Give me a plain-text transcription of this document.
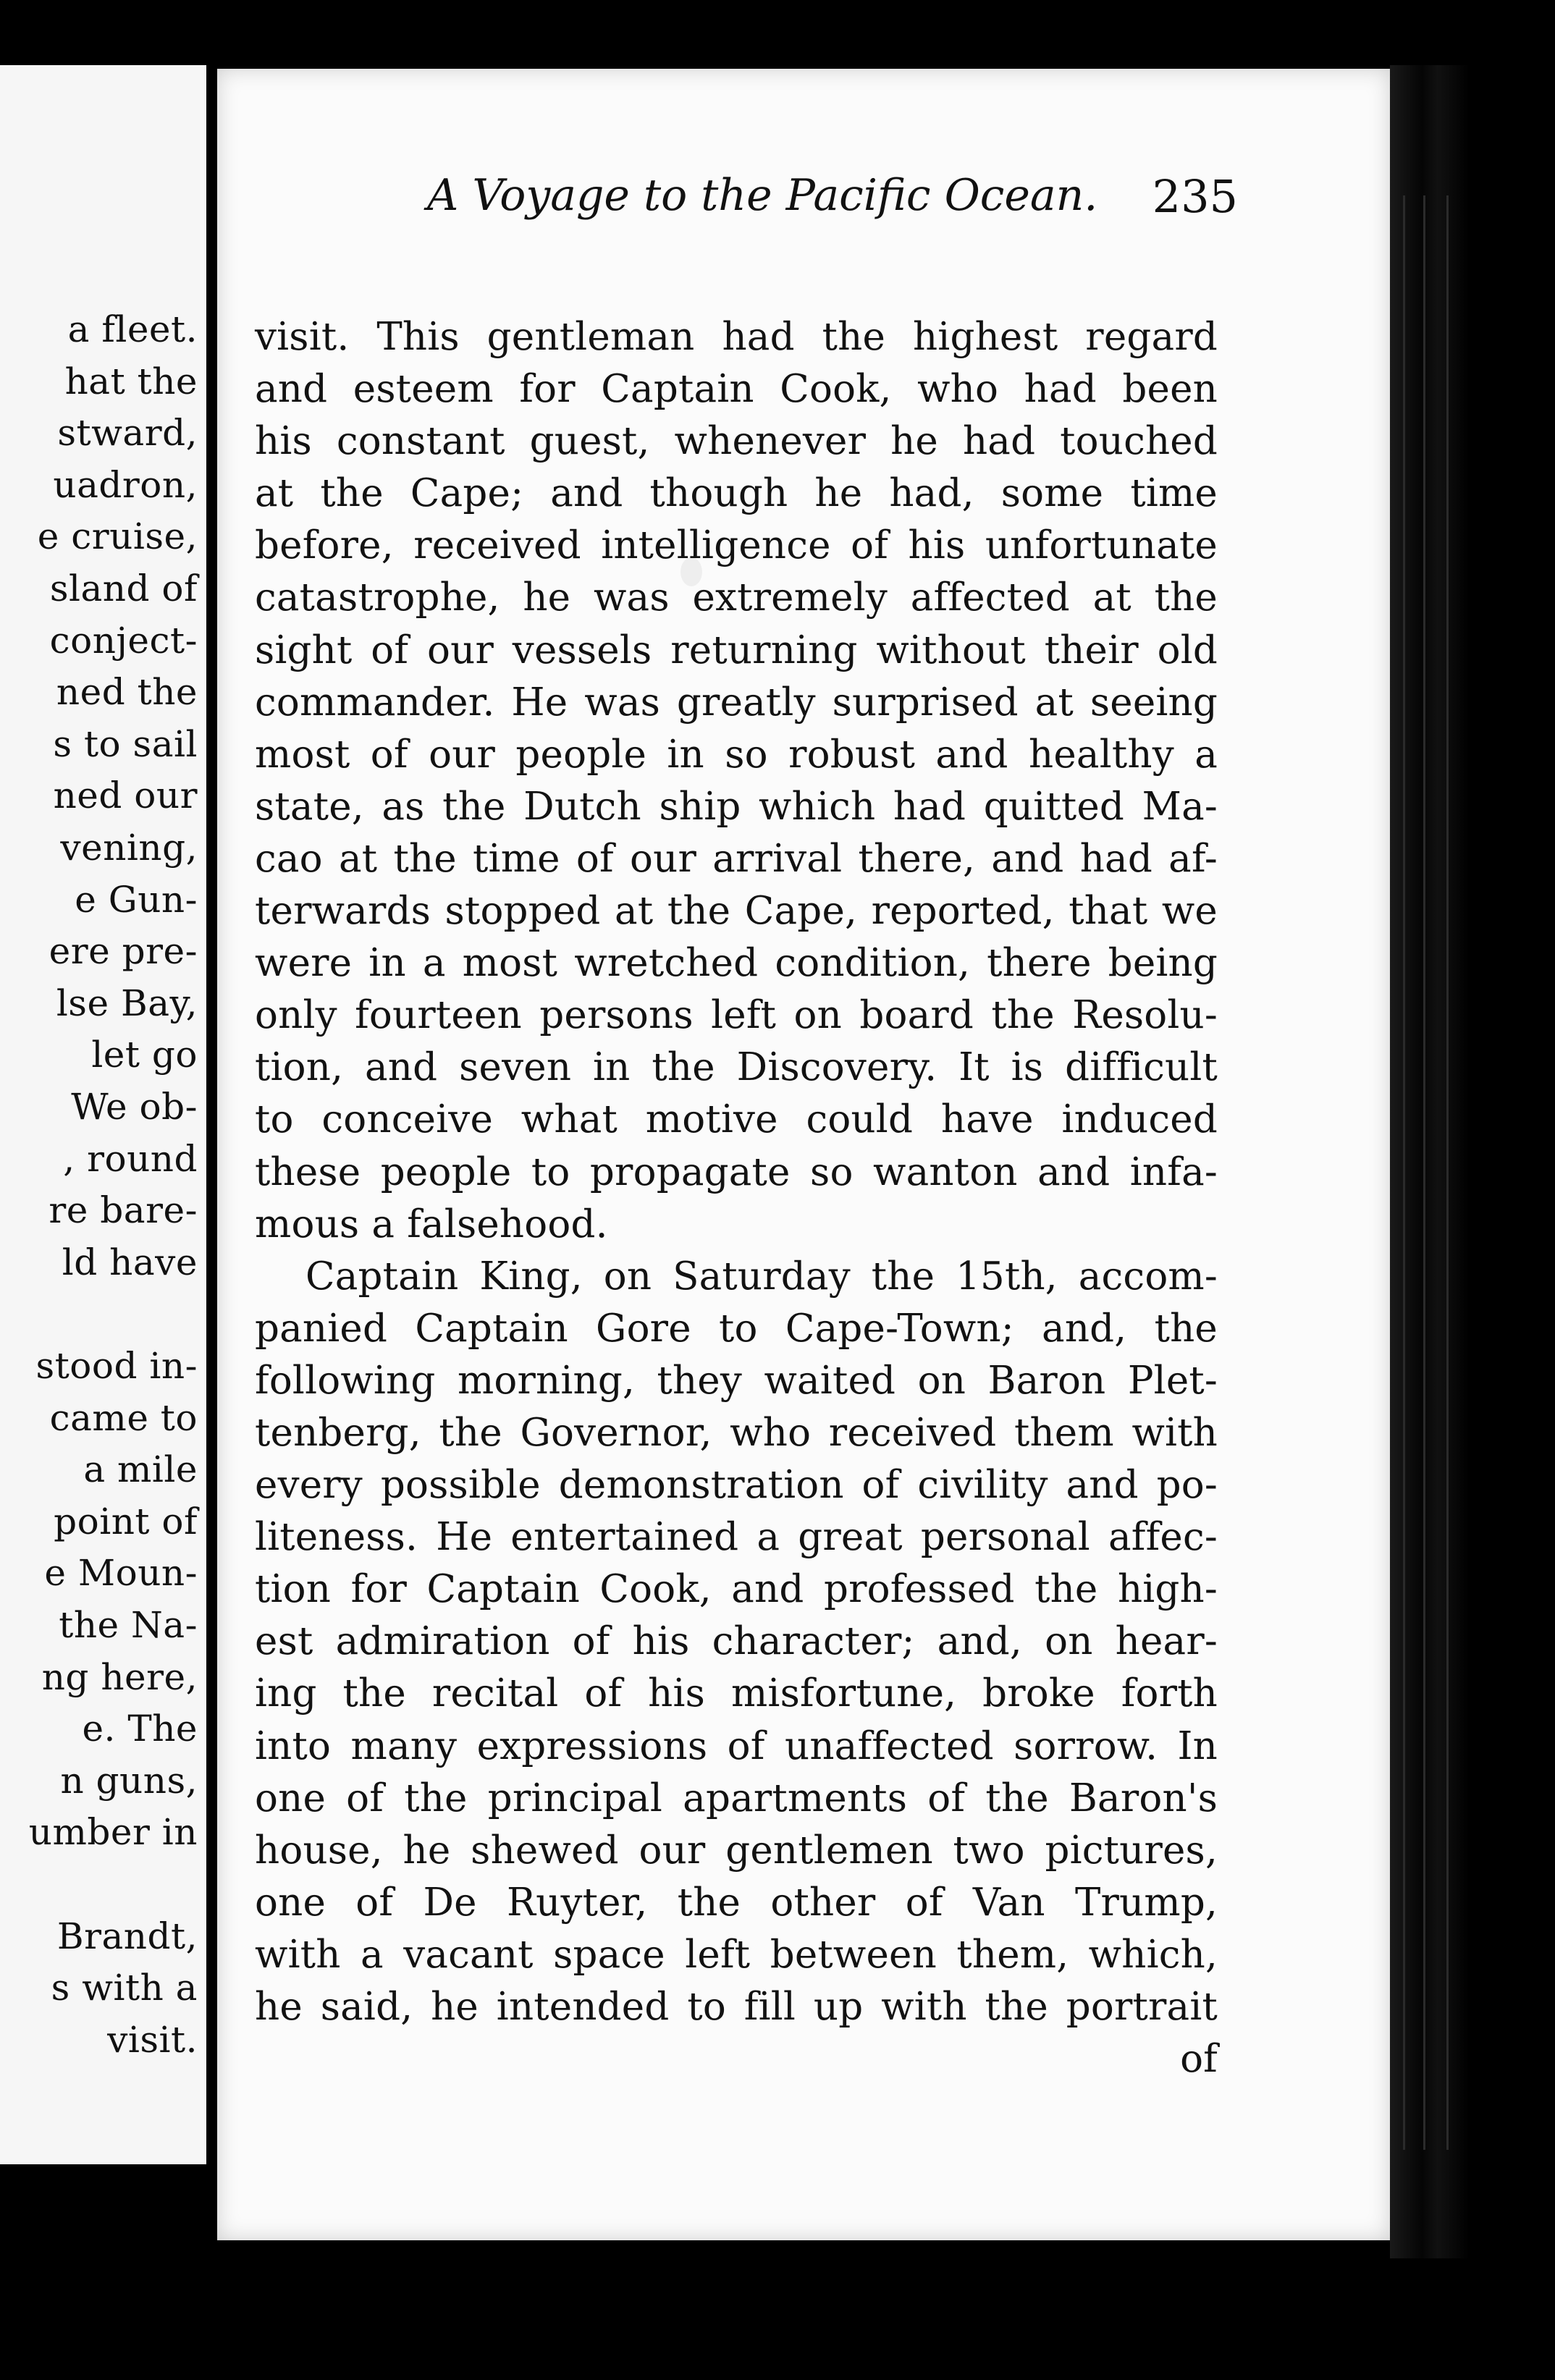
a fleet.
hat the
stward,
uadron,
e cruise,
sland of
conject-
ned the
s to sail
ned our
vening,
e Gun-
ere pre-
lse Bay,
let go
We ob-
, round
re bare-
ld have
stood in-
came to
a mile
point of
e Moun-
the Na-
ng here,
e. The
n guns,
umber in
Brandt,
s with a
visit.
A Voyage to the Pacific Ocean. 235
visit. This gentleman had the highest regard
and esteem for Captain Cook, who had been
his constant guest, whenever he had touched
at the Cape; and though he had, some time
before, received intelligence of his unfortunate
catastrophe, he was extremely affected at the
sight of our vessels returning without their old
commander. He was greatly surprised at seeing
most of our people in so robust and healthy a
state, as the Dutch ship which had quitted Ma-
cao at the time of our arrival there, and had af-
terwards stopped at the Cape, reported, that we
were in a most wretched condition, there being
only fourteen persons left on board the Resolu-
tion, and seven in the Discovery. It is difficult
to conceive what motive could have induced
these people to propagate so wanton and infa-
mous a falsehood.
Captain King, on Saturday the 15th, accom-
panied Captain Gore to Cape-Town; and, the
following morning, they waited on Baron Plet-
tenberg, the Governor, who received them with
every possible demonstration of civility and po-
liteness. He entertained a great personal affec-
tion for Captain Cook, and professed the high-
est admiration of his character; and, on hear-
ing the recital of his misfortune, broke forth
into many expressions of unaffected sorrow. In
one of the principal apartments of the Baron's
house, he shewed our gentlemen two pictures,
one of De Ruyter, the other of Van Trump,
with a vacant space left between them, which,
he said, he intended to fill up with the portrait
of
